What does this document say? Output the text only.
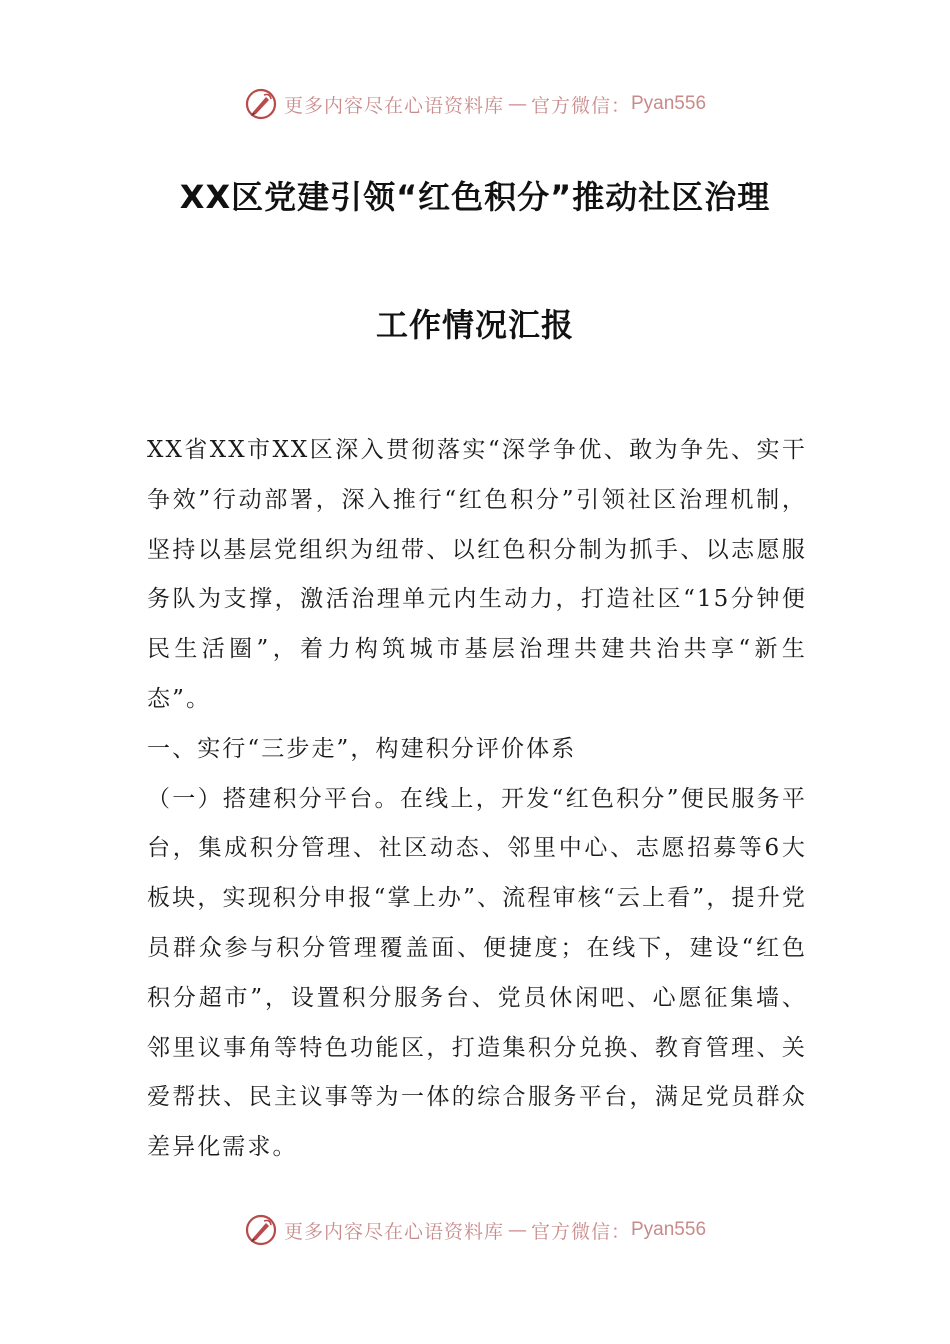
更多内容尽在心语资料库 — 官方微信： Pyan556
XX区党建引领“红色积分”推动社区治理
工作情况汇报

XX省XX市XX区深入贯彻落实“深学争优、敢为争先、实干争效”行动部署，深入推行“红色积分”引领社区治理机制，坚持以基层党组织为纽带、以红色积分制为抓手、以志愿服务队为支撑，激活治理单元内生动力，打造社区“15分钟便民生活圈”，着力构筑城市基层治理共建共治共享“新生态”。

一、实行“三步走”，构建积分评价体系

（一）搭建积分平台。在线上，开发“红色积分”便民服务平台，集成积分管理、社区动态、邻里中心、志愿招募等6大板块，实现积分申报“掌上办”、流程审核“云上看”，提升党员群众参与积分管理覆盖面、便捷度；在线下，建设“红色积分超市”，设置积分服务台、党员休闲吧、心愿征集墙、邻里议事角等特色功能区，打造集积分兑换、教育管理、关爱帮扶、民主议事等为一体的综合服务平台，满足党员群众差异化需求。

更多内容尽在心语资料库 — 官方微信： Pyan556
